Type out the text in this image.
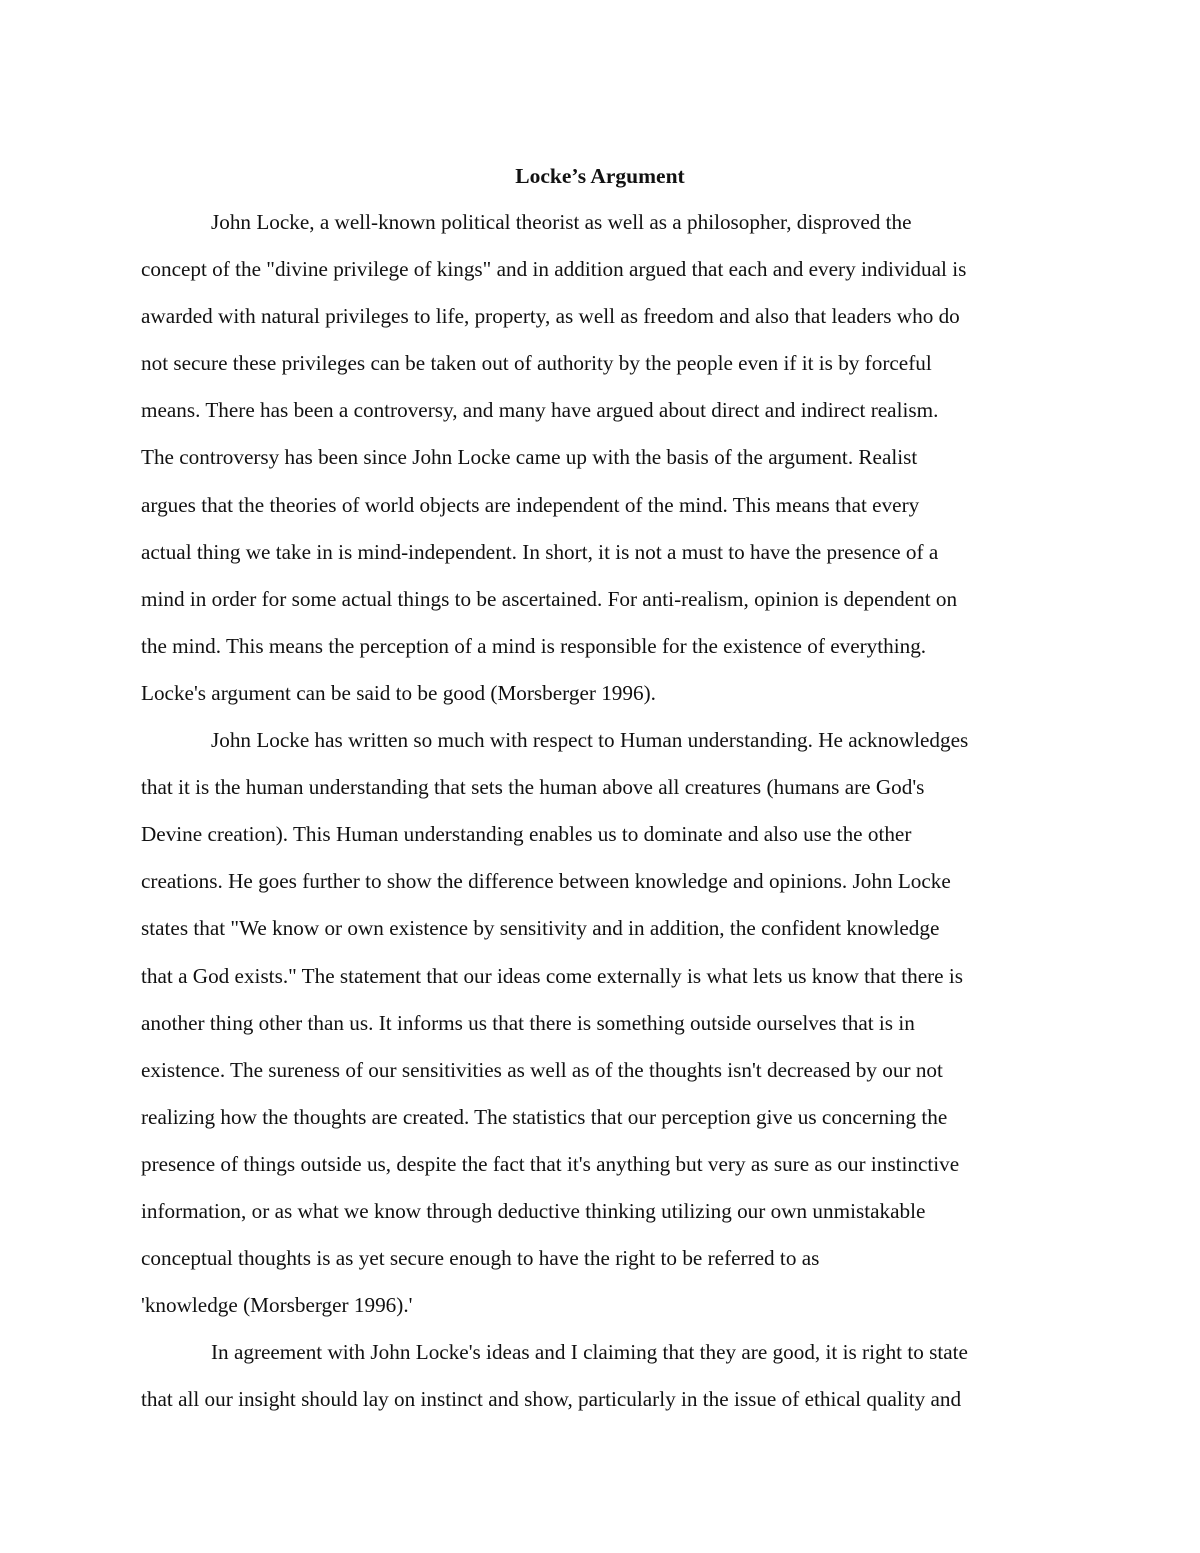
Locke’s Argument
John Locke, a well-known political theorist as well as a philosopher, disproved the
concept of the "divine privilege of kings" and in addition argued that each and every individual is
awarded with natural privileges to life, property, as well as freedom and also that leaders who do
not secure these privileges can be taken out of authority by the people even if it is by forceful
means. There has been a controversy, and many have argued about direct and indirect realism.
The controversy has been since John Locke came up with the basis of the argument. Realist
argues that the theories of world objects are independent of the mind. This means that every
actual thing we take in is mind-independent. In short, it is not a must to have the presence of a
mind in order for some actual things to be ascertained. For anti-realism, opinion is dependent on
the mind. This means the perception of a mind is responsible for the existence of everything.
Locke's argument can be said to be good (Morsberger 1996).
John Locke has written so much with respect to Human understanding. He acknowledges
that it is the human understanding that sets the human above all creatures (humans are God's
Devine creation). This Human understanding enables us to dominate and also use the other
creations. He goes further to show the difference between knowledge and opinions. John Locke
states that "We know or own existence by sensitivity and in addition, the confident knowledge
that a God exists." The statement that our ideas come externally is what lets us know that there is
another thing other than us. It informs us that there is something outside ourselves that is in
existence. The sureness of our sensitivities as well as of the thoughts isn't decreased by our not
realizing how the thoughts are created. The statistics that our perception give us concerning the
presence of things outside us, despite the fact that it's anything but very as sure as our instinctive
information, or as what we know through deductive thinking utilizing our own unmistakable
conceptual thoughts is as yet secure enough to have the right to be referred to as
'knowledge (Morsberger 1996).'
In agreement with John Locke's ideas and I claiming that they are good, it is right to state
that all our insight should lay on instinct and show, particularly in the issue of ethical quality and
